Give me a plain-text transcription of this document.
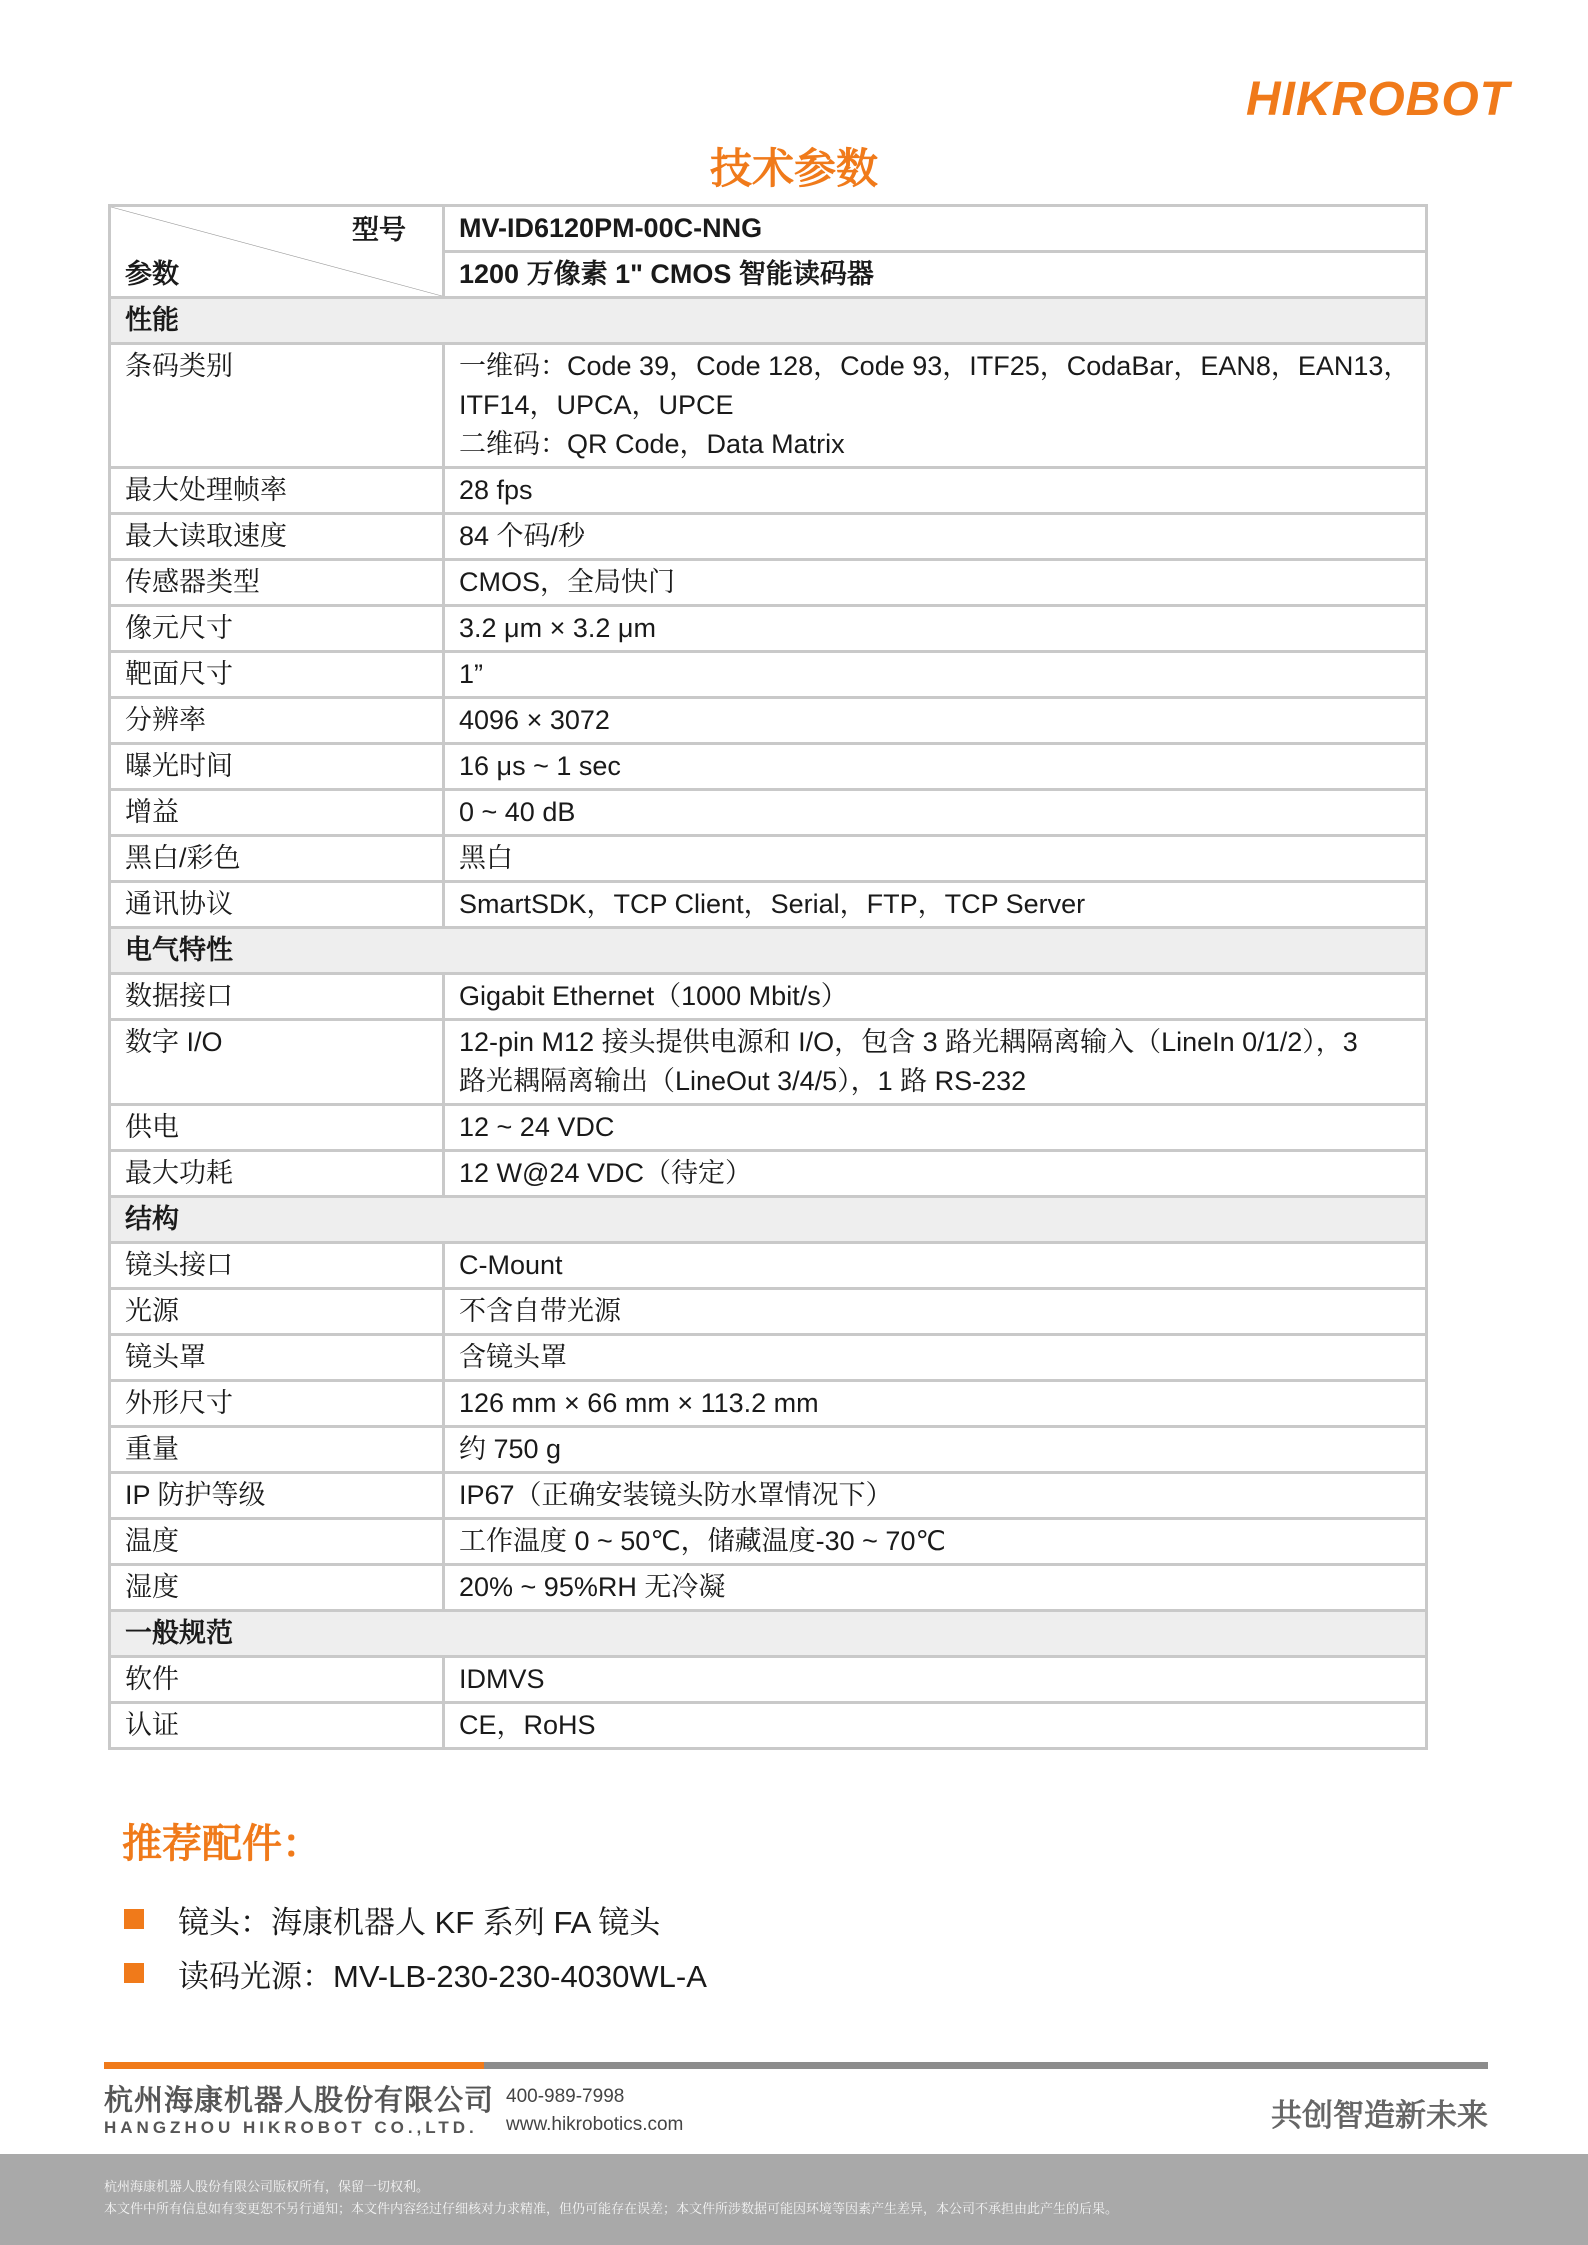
HIKROBOT
技术参数
型号
参数	MV-ID6120PM-00C-NNG
	1200 万像素 1" CMOS 智能读码器
性能	
条码类别	一维码：Code 39，Code 128，Code 93，ITF25，CodaBar，EAN8，EAN13，
ITF14，UPCA，UPCE
二维码：QR Code，Data Matrix

最大处理帧率	28 fps

最大读取速度	84 个码/秒

传感器类型	CMOS，全局快门

像元尺寸	3.2 μm × 3.2 μm

靶面尺寸	1”

分辨率	4096 × 3072

曝光时间	16 μs ~ 1 sec

增益	0 ~ 40 dB

黑白/彩色	黑白

通讯协议	SmartSDK，TCP Client，Serial，FTP，TCP Server

电气特性	
数据接口	Gigabit Ethernet（1000 Mbit/s）

数字 I/O	12-pin M12 接头提供电源和 I/O，包含 3 路光耦隔离输入（LineIn 0/1/2），3
路光耦隔离输出（LineOut 3/4/5），1 路 RS-232

供电	12 ~ 24 VDC

最大功耗	12 W@24 VDC（待定）

结构	
镜头接口	C-Mount

光源	不含自带光源

镜头罩	含镜头罩

外形尺寸	126 mm × 66 mm × 113.2 mm

重量	约 750 g

IP 防护等级	IP67（正确安装镜头防水罩情况下）

温度	工作温度 0 ~ 50℃，储藏温度-30 ~ 70℃

湿度	20% ~ 95%RH 无冷凝

一般规范	
软件	IDMVS

认证	CE，RoHS
推荐配件：
镜头：海康机器人 KF 系列 FA 镜头
读码光源：MV-LB-230-230-4030WL-A
杭州海康机器人股份有限公司
HANGZHOU HIKROBOT CO.,LTD.
400-989-7998
www.hikrobotics.com	共创智造新未来
杭州海康机器人股份有限公司版权所有，保留一切权利。
本文件中所有信息如有变更恕不另行通知；本文件内容经过仔细核对力求精准，但仍可能存在误差；本文件所涉数据可能因环境等因素产生差异，本公司不承担由此产生的后果。
